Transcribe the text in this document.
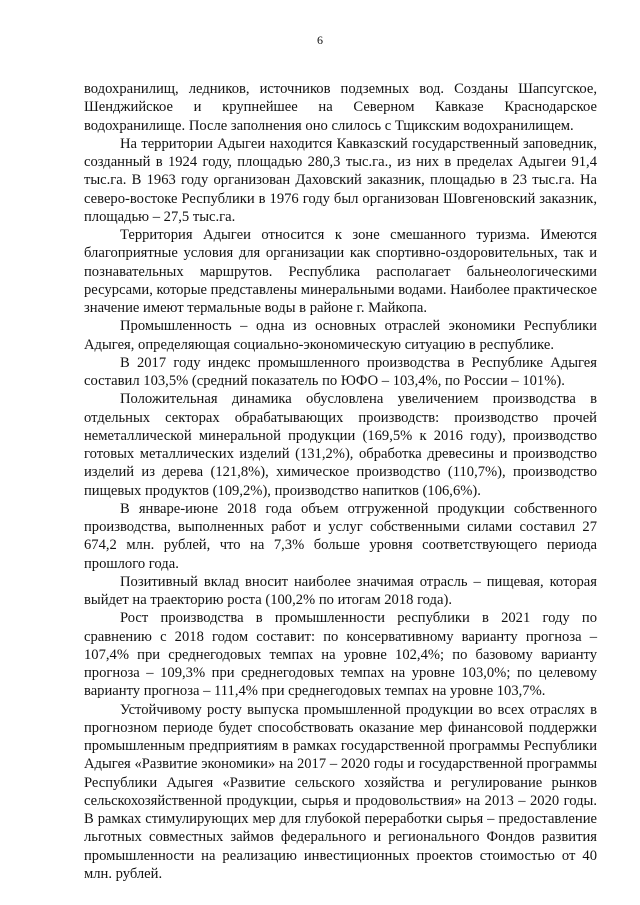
6

водохранилищ, ледников, источников подземных вод. Созданы Шапсугское, Шенджийское и крупнейшее на Северном Кавказе Краснодарское водохранилище. После заполнения оно слилось с Тщикским водохранилищем.

На территории Адыгеи находится Кавказский государственный заповедник, созданный в 1924 году, площадью 280,3 тыс.га., из них в пределах Адыгеи 91,4 тыс.га. В 1963 году организован Даховский заказник, площадью в 23 тыс.га. На северо-востоке Республики в 1976 году был организован Шовгеновский заказник, площадью – 27,5 тыс.га.

Территория Адыгеи относится к зоне смешанного туризма. Имеются благоприятные условия для организации как спортивно-оздоровительных, так и познавательных маршрутов. Республика располагает бальнеологическими ресурсами, которые представлены минеральными водами. Наиболее практическое значение имеют термальные воды в районе г. Майкопа.

Промышленность – одна из основных отраслей экономики Республики Адыгея, определяющая социально-экономическую ситуацию в республике.

В 2017 году индекс промышленного производства в Республике Адыгея составил 103,5% (средний показатель по ЮФО – 103,4%, по России – 101%).

Положительная динамика обусловлена увеличением производства в отдельных секторах обрабатывающих производств: производство прочей неметаллической минеральной продукции (169,5% к 2016 году), производство готовых металлических изделий (131,2%), обработка древесины и производство изделий из дерева (121,8%), химическое производство (110,7%), производство пищевых продуктов (109,2%), производство напитков (106,6%).

В январе-июне 2018 года объем отгруженной продукции собственного производства, выполненных работ и услуг собственными силами составил 27 674,2 млн. рублей, что на 7,3% больше уровня соответствующего периода прошлого года.

Позитивный вклад вносит наиболее значимая отрасль – пищевая, которая выйдет на траекторию роста (100,2% по итогам 2018 года).

Рост производства в промышленности республики в 2021 году по сравнению с 2018 годом составит: по консервативному варианту прогноза – 107,4% при среднегодовых темпах на уровне 102,4%; по базовому варианту прогноза – 109,3% при среднегодовых темпах на уровне 103,0%; по целевому варианту прогноза – 111,4% при среднегодовых темпах на уровне 103,7%.

Устойчивому росту выпуска промышленной продукции во всех отраслях в прогнозном периоде будет способствовать оказание мер финансовой поддержки промышленным предприятиям в рамках государственной программы Республики Адыгея «Развитие экономики» на 2017 – 2020 годы и государственной программы Республики Адыгея «Развитие сельского хозяйства и регулирование рынков сельскохозяйственной продукции, сырья и продовольствия» на 2013 – 2020 годы. В рамках стимулирующих мер для глубокой переработки сырья – предоставление льготных совместных займов федерального и регионального Фондов развития промышленности на реализацию инвестиционных проектов стоимостью от 40 млн. рублей.
